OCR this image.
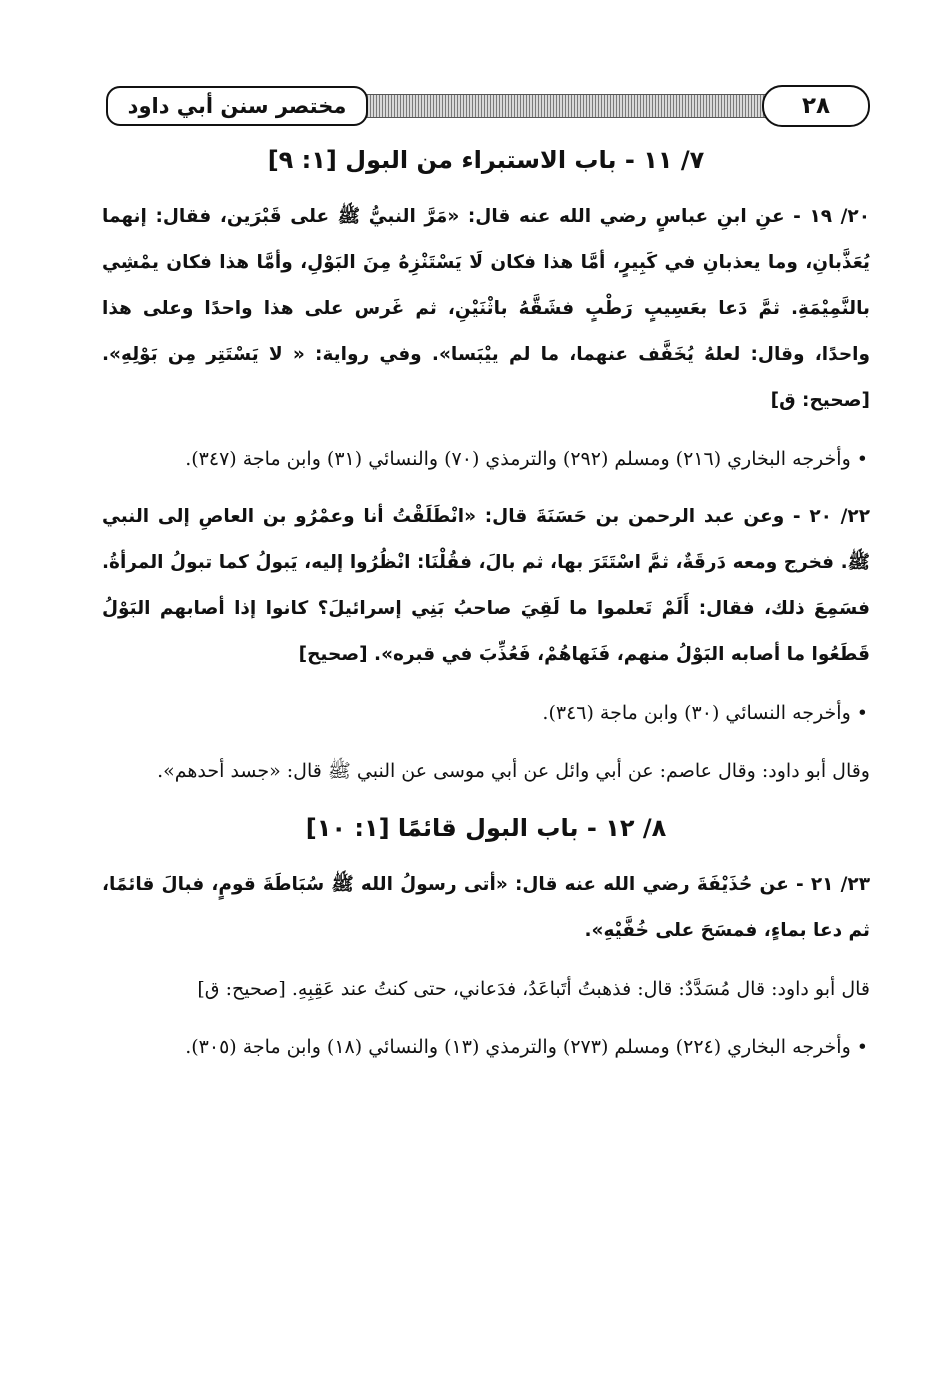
مختصر سنن أبي داود	٢٨
٧/ ١١ - باب الاستبراء من البول [١: ٩]

٢٠/ ١٩ - عنِ ابنِ عباسٍ رضي الله عنه قال: «مَرَّ النبيُّ ﷺ على قَبْرَين، فقال: إنهما يُعَذَّبانِ، وما يعذبانِ في كَبِيرٍ، أمَّا هذا فكان لَا يَسْتَنْزِهُ مِنَ البَوْلِ، وأمَّا هذا فكان يمْشِي بالنَّمِيْمَةِ. ثمَّ دَعا بعَسِيبٍ رَطْبٍ فشَقَّهُ باثْنَيْنِ، ثم غَرس على هذا واحدًا وعلى هذا واحدًا، وقال: لعلهُ يُخَفَّف عنهما، ما لم ييْبَسا». وفي رواية: « لا يَسْتَتِر مِن بَوْلِهِ». [صحيح: ق]

• وأخرجه البخاري (٢١٦) ومسلم (٢٩٢) والترمذي (٧٠) والنسائي (٣١) وابن ماجة (٣٤٧).

٢٢/ ٢٠ - وعن عبد الرحمن بن حَسَنَةَ قال: «انْطَلَقْتُ أنا وعمْرُو بن العاصِ إلى النبي ﷺ. فخرج ومعه دَرقَةٌ، ثمَّ اسْتَتَرَ بها، ثم بالَ، فقُلْنَا: انْظُرُوا إليه، يَبولُ كما تبولُ المرأةُ. فسَمِعَ ذلك، فقال: أَلَمْ تَعلموا ما لَقِيَ صاحبُ بَنِي إسرائيلَ؟ كانوا إذا أصابهم البَوْلُ قَطَعُوا ما أصابه البَوْلُ منهم، فَنَهاهُمْ، فَعُذِّبَ في قبره». [صحيح]

• وأخرجه النسائي (٣٠) وابن ماجة (٣٤٦).

وقال أبو داود: وقال عاصم: عن أبي وائل عن أبي موسى عن النبي ﷺ قال: «جسد أحدهم».

٨/ ١٢ - باب البول قائمًا [١: ١٠]

٢٣/ ٢١ - عن حُذَيْفَةَ رضي الله عنه قال: «أتى رسولُ الله ﷺ سُبَاطَةَ قومٍ، فبالَ قائمًا، ثم دعا بماءٍ، فمسَحَ على خُفَّيْهِ».

قال أبو داود: قال مُسَدَّدٌ: قال: فذهبتُ أتَباعَدُ، فدَعاني، حتى كنتُ عند عَقِبِهِ. [صحيح: ق]

• وأخرجه البخاري (٢٢٤) ومسلم (٢٧٣) والترمذي (١٣) والنسائي (١٨) وابن ماجة (٣٠٥).
